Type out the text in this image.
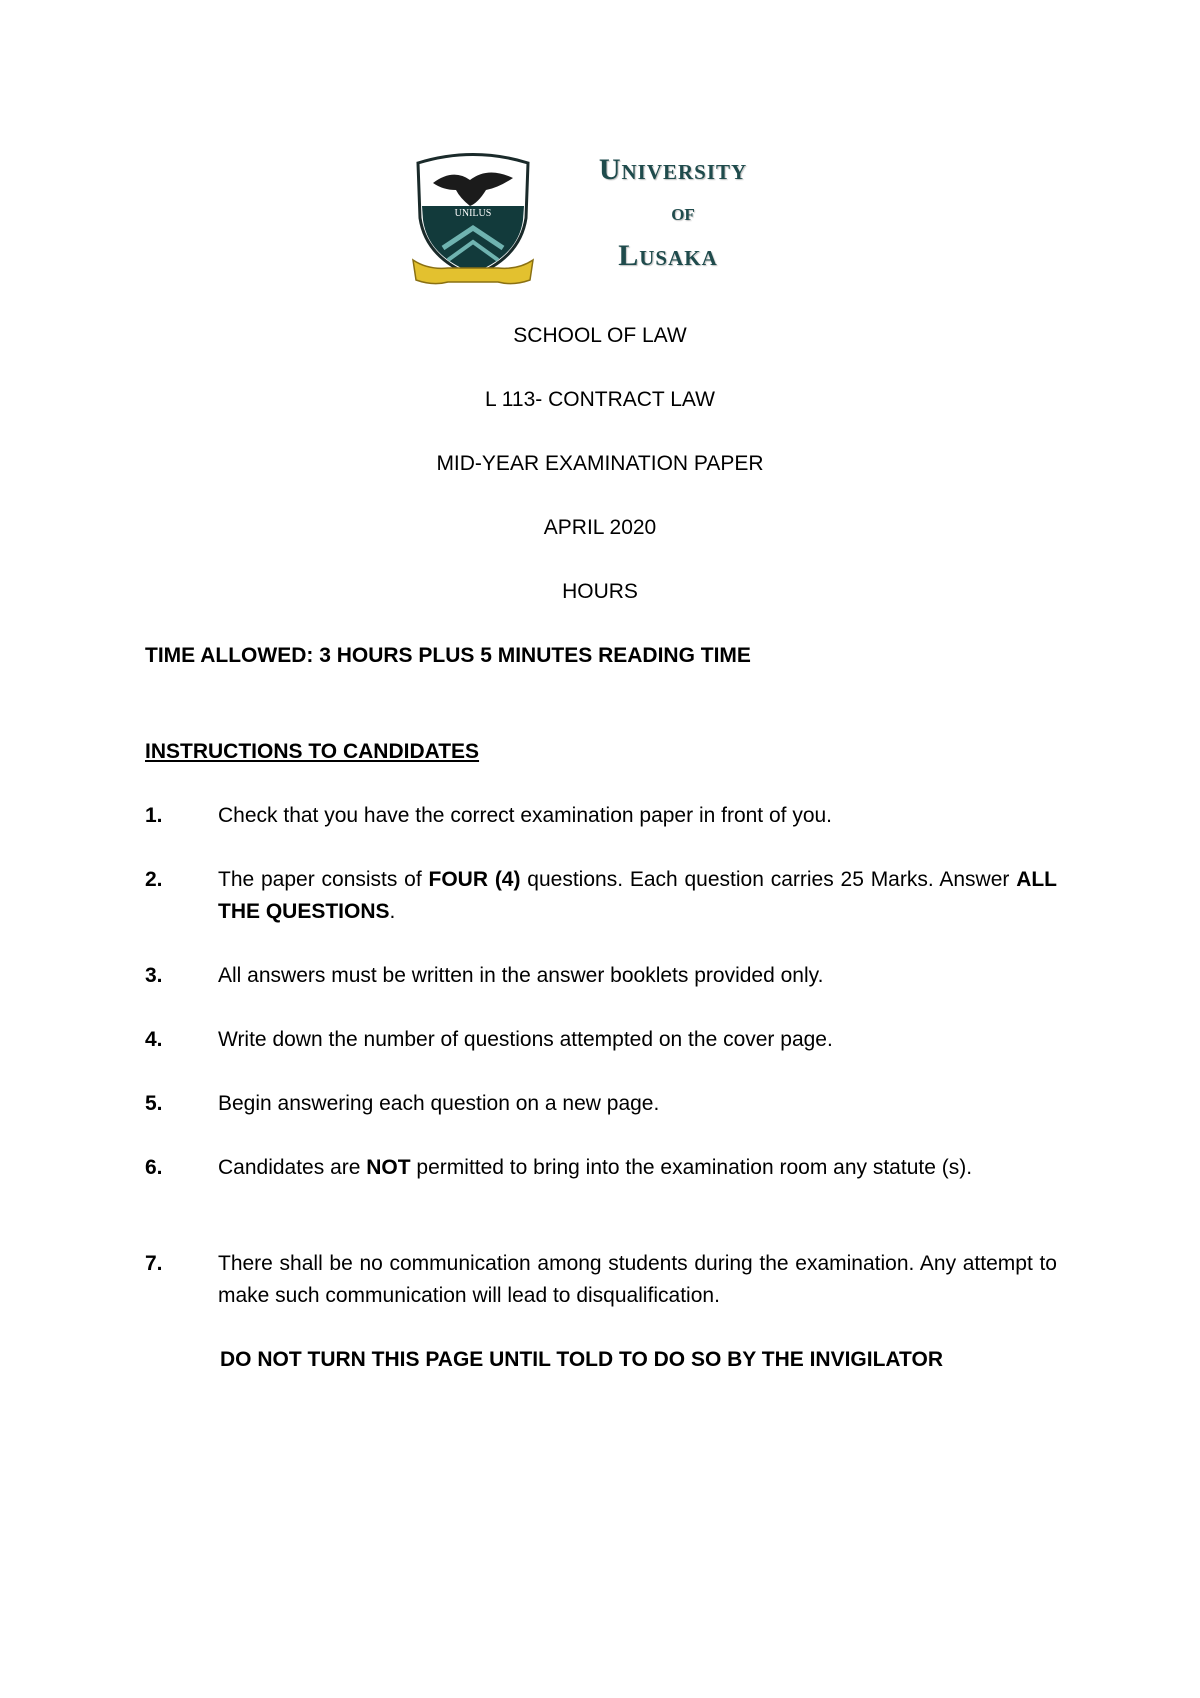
UNILUS
University
of
Lusaka
SCHOOL OF LAW
L 113- CONTRACT LAW
MID-YEAR EXAMINATION PAPER
APRIL 2020
HOURS
TIME ALLOWED: 3 HOURS PLUS 5 MINUTES READING TIME
INSTRUCTIONS TO CANDIDATES
1.	Check that you have the correct examination paper in front of you.
2.	The paper consists of FOUR (4) questions. Each question carries 25 Marks. Answer ALL THE QUESTIONS.
3.	All answers must be written in the answer booklets provided only.
4.	Write down the number of questions attempted on the cover page.
5.	Begin answering each question on a new page.
6.	Candidates are NOT permitted to bring into the examination room any statute (s).
7.	There shall be no communication among students during the examination. Any attempt to make such communication will lead to disqualification.
DO NOT TURN THIS PAGE UNTIL TOLD TO DO SO BY THE INVIGILATOR
